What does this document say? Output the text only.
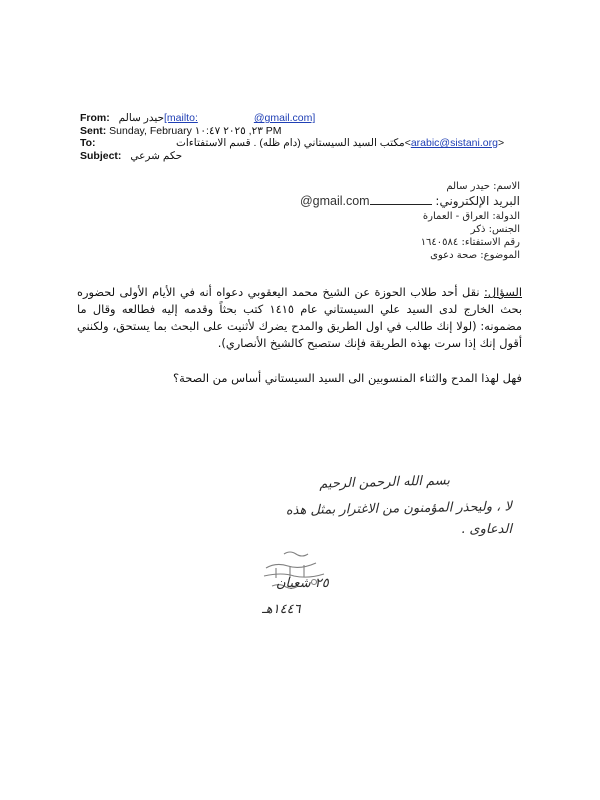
From: حيدر سالم[mailto:	@gmail.com]
Sent: Sunday, February ٢٣, ٢٠٢٥ ١٠:٤٧ PM
To:	مكتب السيد السيستاني (دام ظله) . قسم الاستفتاءات<arabic@sistani.org>
Subject: حكم شرعي
الاسم: حيدر سالم
البريد الإلكتروني: @gmail.com
الدولة: العراق - العمارة
الجنس: ذكر
رقم الاستفتاء: ١٦٤٠٥٨٤
الموضوع: صحة دعوى
السؤال: نقل أحد طلاب الحوزة عن الشيخ محمد اليعقوبي دعواه أنه في الأيام الأولى لحضوره بحث الخارج لدى السيد علي السيستاني عام ١٤١٥ كتب بحثاً وقدمه إليه فطالعه وقال ما مضمونه: (لولا إنك طالب في اول الطريق والمدح يضرك لأثنيت على البحث بما يستحق، ولكنني أقول إنك إذا سرت بهذه الطريقة فإنك ستصبح كالشيخ الأنصاري).
فهل لهذا المدح والثناء المنسوبين الى السيد السيستاني أساس من الصحة؟
بسم الله الرحمن الرحيم
لا ، وليحذر المؤمنون من الاغترار بمثل هذه
الدعاوى .
٢٥ شعبان
١٤٤٦هـ
